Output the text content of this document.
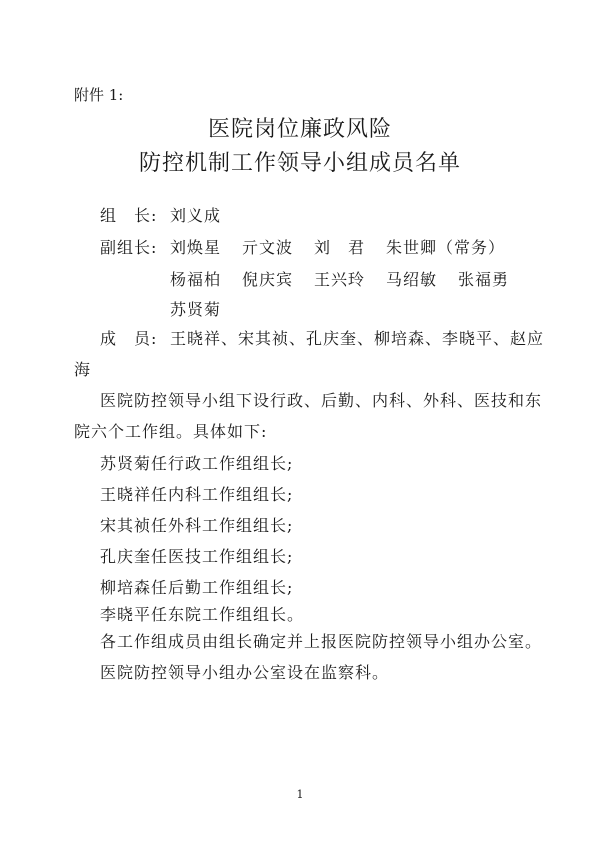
附件 1:
医院岗位廉政风险
防控机制工作领导小组成员名单
组　长: 刘义成
副组长: 刘焕星 亓文波 刘　君 朱世卿（常务）
杨福柏 倪庆宾 王兴玲 马绍敏 张福勇
苏贤菊
成　员: 王晓祥、宋其祯、孔庆奎、柳培森、李晓平、赵应
海
医院防控领导小组下设行政、后勤、内科、外科、医技和东
院六个工作组。具体如下:
苏贤菊任行政工作组组长;
王晓祥任内科工作组组长;
宋其祯任外科工作组组长;
孔庆奎任医技工作组组长;
柳培森任后勤工作组组长;
李晓平任东院工作组组长。
各工作组成员由组长确定并上报医院防控领导小组办公室。
医院防控领导小组办公室设在监察科。
1
